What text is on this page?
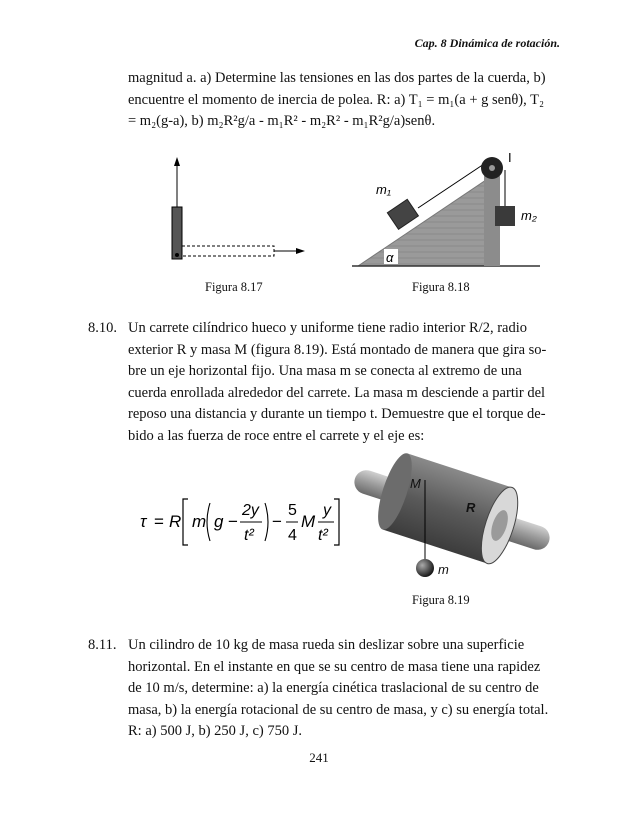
Cap. 8 Dinámica de rotación.
magnitud a. a) Determine las tensiones en las dos partes de la cuerda, b)
encuentre el momento de inercia de polea. R: a) T₁ = m₁(a + g senθ), T₂
= m₂(g-a), b) m₂R²g/a - m₁R² - m₂R² - m₁R²g/a)senθ.
m₁
m₂
I
α
Figura 8.17	Figura 8.18
8.10. Un carrete cilíndrico hueco y uniforme tiene radio interior R/2, radio
exterior R y masa M (figura 8.19). Está montado de manera que gira so-
bre un eje horizontal fijo. Una masa m se conecta al extremo de una
cuerda enrollada alrededor del carrete. La masa m desciende a partir del
reposo una distancia y durante un tiempo t. Demuestre que el torque de-
bido a las fuerza de roce entre el carrete y el eje es:
τ = R m g −
2y
t²
−
5
4
M
y
t²
M
R
m
Figura 8.19
8.11. Un cilindro de 10 kg de masa rueda sin deslizar sobre una superficie
horizontal. En el instante en que se su centro de masa tiene una rapidez
de 10 m/s, determine: a) la energía cinética traslacional de su centro de
masa, b) la energía rotacional de su centro de masa, y c) su energía total.
R: a) 500 J, b) 250 J, c) 750 J.
241
